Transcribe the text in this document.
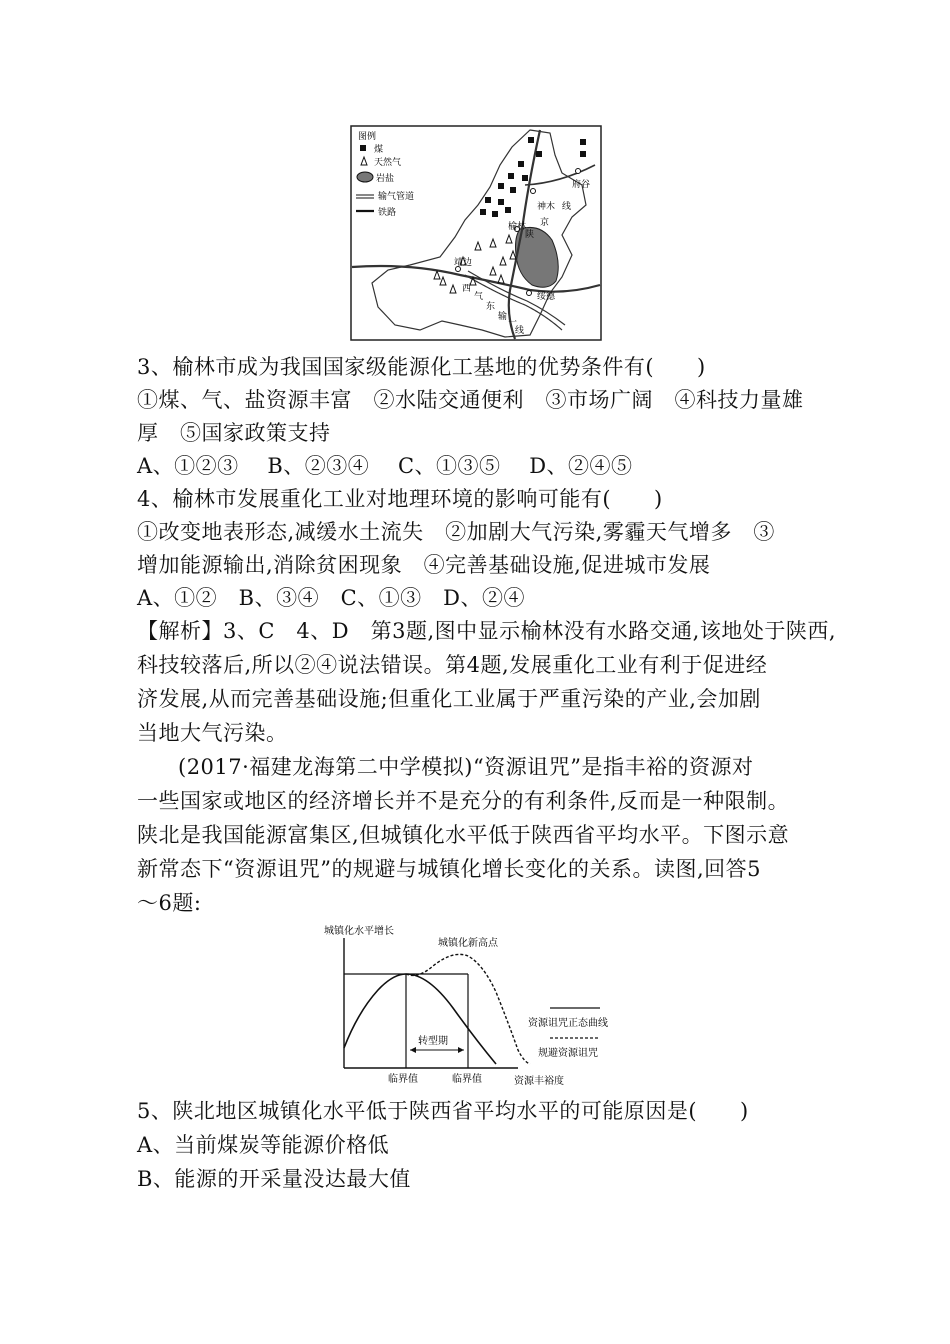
图例
煤
天然气
岩盐
输气管道
铁路
府谷
神木
榆林
靖边
绥德
线
京
陕
西
气
东
输
一
线
3、榆林市成为我国国家级能源化工基地的优势条件有(　　)
①煤、气、盐资源丰富　②水陆交通便利　③市场广阔　④科技力量雄
厚　⑤国家政策支持
A、①②③　 B、②③④　 C、①③⑤　 D、②④⑤
4、榆林市发展重化工业对地理环境的影响可能有(　　)
①改变地表形态,减缓水土流失　②加剧大气污染,雾霾天气增多　③
增加能源输出,消除贫困现象　④完善基础设施,促进城市发展
A、①②　B、③④　C、①③　D、②④
【解析】3、C　4、D　第3题,图中显示榆林没有水路交通,该地处于陕西,
科技较落后,所以②④说法错误。第4题,发展重化工业有利于促进经
济发展,从而完善基础设施;但重化工业属于严重污染的产业,会加剧
当地大气污染。
(2017·福建龙海第二中学模拟)“资源诅咒”是指丰裕的资源对
一些国家或地区的经济增长并不是充分的有利条件,反而是一种限制。
陕北是我国能源富集区,但城镇化水平低于陕西省平均水平。下图示意
新常态下“资源诅咒”的规避与城镇化增长变化的关系。读图,回答5
～6题:
转型期
城镇化水平增长
城镇化新高点
临界值	临界值	资源丰裕度
资源诅咒正态曲线
规避资源诅咒
5、陕北地区城镇化水平低于陕西省平均水平的可能原因是(　　)
A、当前煤炭等能源价格低
B、能源的开采量没达最大值
